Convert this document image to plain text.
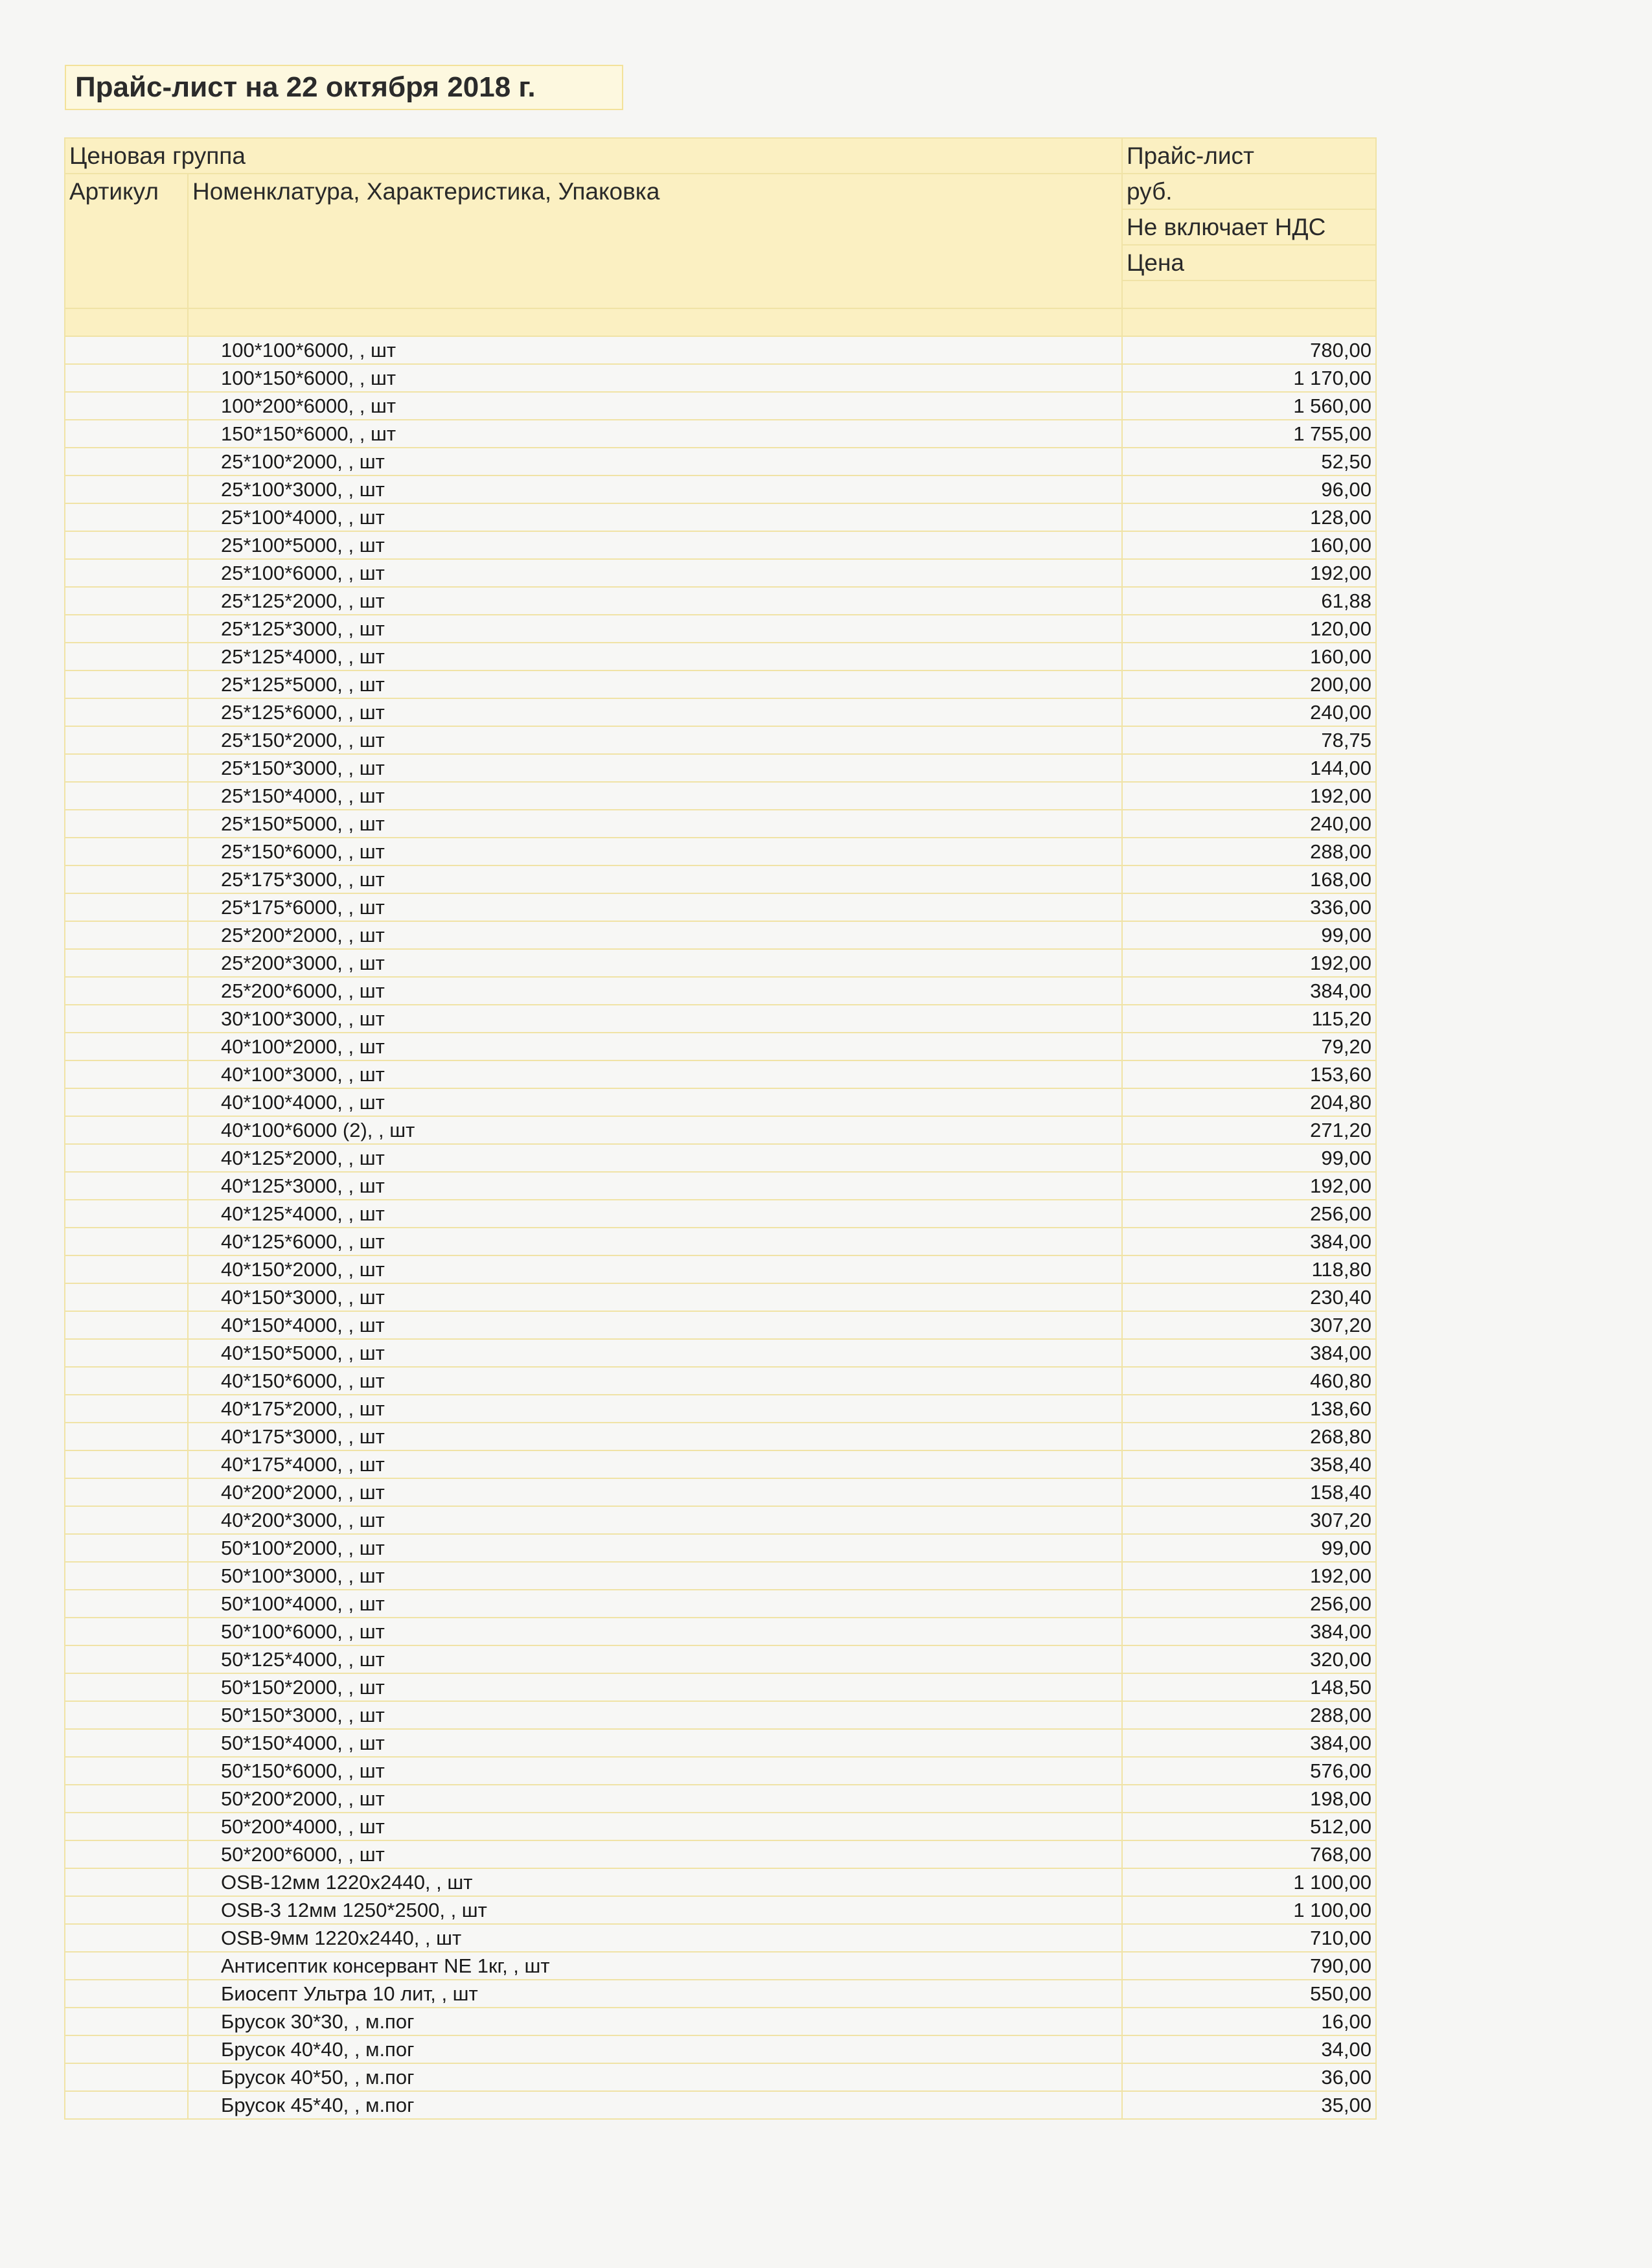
Прайс-лист на 22 октября 2018 г.
Ценовая группа		Прайс-лист
Артикул	Номенклатура, Характеристика, Упаковка	руб.
		Не включает НДС
		Цена

	100*100*6000, , шт	780,00
	100*150*6000, , шт	1 170,00
	100*200*6000, , шт	1 560,00
	150*150*6000, , шт	1 755,00
	25*100*2000, , шт	52,50
	25*100*3000, , шт	96,00
	25*100*4000, , шт	128,00
	25*100*5000, , шт	160,00
	25*100*6000, , шт	192,00
	25*125*2000, , шт	61,88
	25*125*3000, , шт	120,00
	25*125*4000, , шт	160,00
	25*125*5000, , шт	200,00
	25*125*6000, , шт	240,00
	25*150*2000, , шт	78,75
	25*150*3000, , шт	144,00
	25*150*4000, , шт	192,00
	25*150*5000, , шт	240,00
	25*150*6000, , шт	288,00
	25*175*3000, , шт	168,00
	25*175*6000, , шт	336,00
	25*200*2000, , шт	99,00
	25*200*3000, , шт	192,00
	25*200*6000, , шт	384,00
	30*100*3000, , шт	115,20
	40*100*2000, , шт	79,20
	40*100*3000, , шт	153,60
	40*100*4000, , шт	204,80
	40*100*6000 (2), , шт	271,20
	40*125*2000, , шт	99,00
	40*125*3000, , шт	192,00
	40*125*4000, , шт	256,00
	40*125*6000, , шт	384,00
	40*150*2000, , шт	118,80
	40*150*3000, , шт	230,40
	40*150*4000, , шт	307,20
	40*150*5000, , шт	384,00
	40*150*6000, , шт	460,80
	40*175*2000, , шт	138,60
	40*175*3000, , шт	268,80
	40*175*4000, , шт	358,40
	40*200*2000, , шт	158,40
	40*200*3000, , шт	307,20
	50*100*2000, , шт	99,00
	50*100*3000, , шт	192,00
	50*100*4000, , шт	256,00
	50*100*6000, , шт	384,00
	50*125*4000, , шт	320,00
	50*150*2000, , шт	148,50
	50*150*3000, , шт	288,00
	50*150*4000, , шт	384,00
	50*150*6000, , шт	576,00
	50*200*2000, , шт	198,00
	50*200*4000, , шт	512,00
	50*200*6000, , шт	768,00
	OSB-12мм 1220х2440, , шт	1 100,00
	OSB-3 12мм 1250*2500, , шт	1 100,00
	OSB-9мм 1220х2440, , шт	710,00
	Антисептик консервант NE 1кг, , шт	790,00
	Биосепт Ультра 10 лит, , шт	550,00
	Брусок 30*30, , м.пог	16,00
	Брусок 40*40, , м.пог	34,00
	Брусок 40*50, , м.пог	36,00
	Брусок 45*40, , м.пог	35,00
